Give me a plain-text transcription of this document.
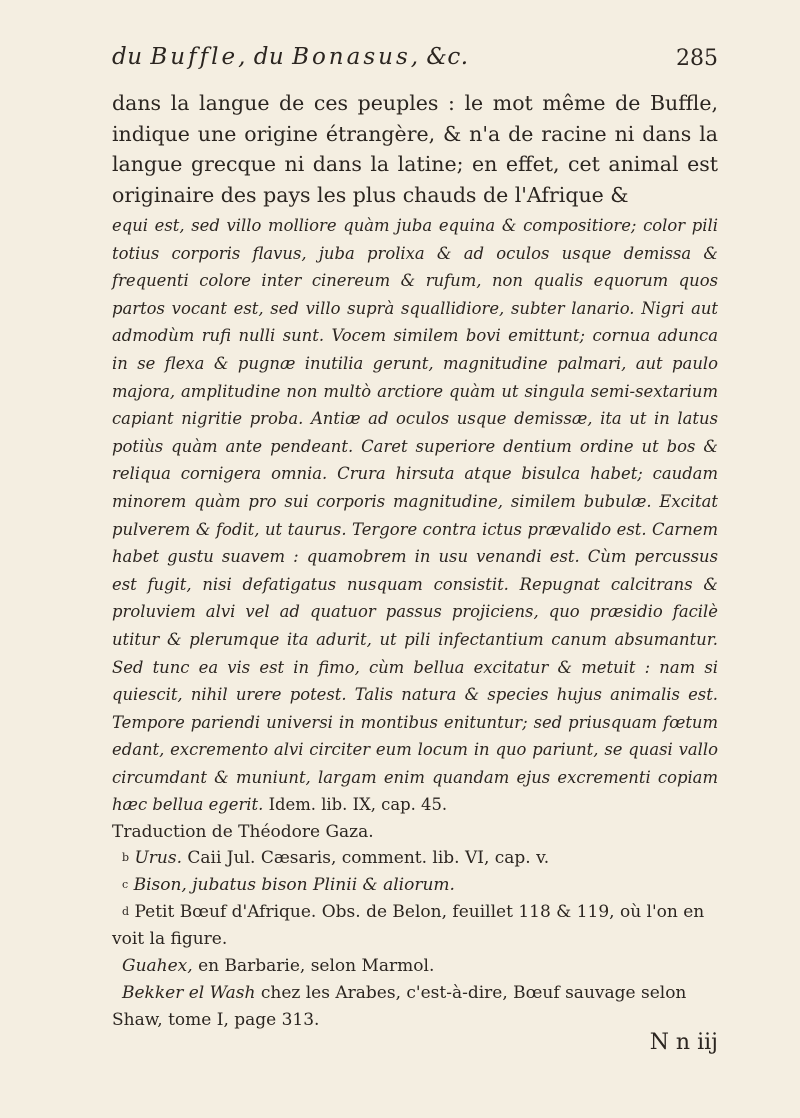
du Buffle, du Bonasus, &c.	285

dans la langue de ces peuples : le mot même de Buffle, indique une origine étrangère, & n'a de racine ni dans la langue grecque ni dans la latine; en effet, cet animal est originaire des pays les plus chauds de l'Afrique &

equi est, sed villo molliore quàm juba equina & compositiore; color pili totius corporis flavus, juba prolixa & ad oculos usque demissa & frequenti colore inter cinereum & rufum, non qualis equorum quos partos vocant est, sed villo suprà squallidiore, subter lanario. Nigri aut admodùm rufi nulli sunt. Vocem similem bovi emittunt; cornua adunca in se flexa & pugnæ inutilia gerunt, magnitudine palmari, aut paulo majora, amplitudine non multò arctiore quàm ut singula semi-sextarium capiant nigritie proba. Antiæ ad oculos usque demissæ, ita ut in latus potiùs quàm ante pendeant. Caret superiore dentium ordine ut bos & reliqua cornigera omnia. Crura hirsuta atque bisulca habet; caudam minorem quàm pro sui corporis magnitudine, similem bubulæ. Excitat pulverem & fodit, ut taurus. Tergore contra ictus prævalido est. Carnem habet gustu suavem : quamobrem in usu venandi est. Cùm percussus est fugit, nisi defatigatus nusquam consistit. Repugnat calcitrans & proluviem alvi vel ad quatuor passus projiciens, quo præsidio facilè utitur & plerumque ita adurit, ut pili infectantium canum absumantur. Sed tunc ea vis est in fimo, cùm bellua excitatur & metuit : nam si quiescit, nihil urere potest. Talis natura & species hujus animalis est. Tempore pariendi universi in montibus enituntur; sed priusquam fœtum edant, excremento alvi circiter eum locum in quo pariunt, se quasi vallo circumdant & muniunt, largam enim quandam ejus excrementi copiam hæc bellua egerit. Idem. lib. IX, cap. 45.

Traduction de Théodore Gaza.

$^b$ Urus. Caii Jul. Cæsaris, comment. lib. VI, cap. v.

$^c$ Bison, jubatus bison Plinii & aliorum.

$^d$ Petit Bœuf d'Afrique. Obs. de Belon, feuillet 118 & 119, où l'on en voit la figure.

Guahex, en Barbarie, selon Marmol.

Bekker el Wash chez les Arabes, c'est-à-dire, Bœuf sauvage selon Shaw, tome I, page 313.

N n iij
